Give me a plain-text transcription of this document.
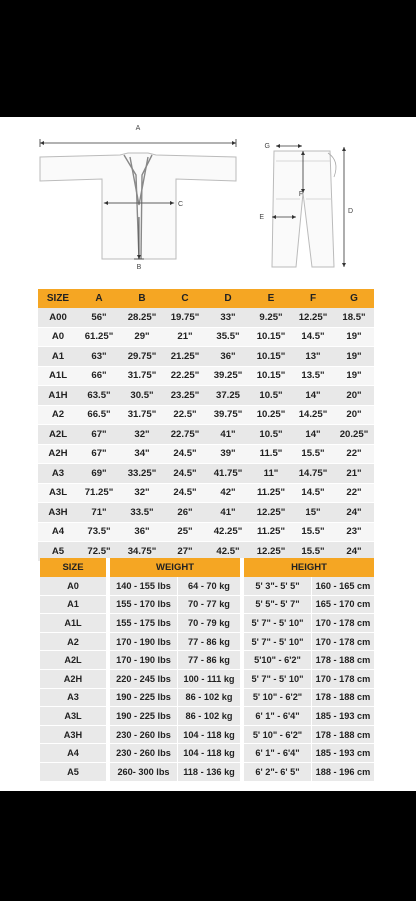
A
C
B
G
F
E
D
SIZE	A	B	C	D	E	F	G
A00	56"	28.25"	19.75"	33"	9.25"	12.25"	18.5"
A0	61.25"	29"	21"	35.5"	10.15"	14.5"	19"
A1	63"	29.75"	21.25"	36"	10.15"	13"	19"
A1L	66"	31.75"	22.25"	39.25"	10.15"	13.5"	19"
A1H	63.5"	30.5"	23.25"	37.25	10.5"	14"	20"
A2	66.5"	31.75"	22.5"	39.75"	10.25"	14.25"	20"
A2L	67"	32"	22.75"	41"	10.5"	14"	20.25"
A2H	67"	34"	24.5"	39"	11.5"	15.5"	22"
A3	69"	33.25"	24.5"	41.75"	11"	14.75"	21"
A3L	71.25"	32"	24.5"	42"	11.25"	14.5"	22"
A3H	71"	33.5"	26"	41"	12.25"	15"	24"
A4	73.5"	36"	25"	42.25"	11.25"	15.5"	23"
A5	72.5"	34.75"	27"	42.5"	12.25"	15.5"	24"
SIZE		WEIGHT			HEIGHT	
A0		140 - 155 lbs	64 - 70 kg		5' 3"- 5' 5"	160 - 165 cm
A1		155 - 170 lbs	70 - 77 kg		5' 5"- 5' 7"	165 - 170 cm
A1L		155 - 175 lbs	70 - 79 kg		5' 7" - 5' 10"	170 - 178 cm
A2		170 - 190 lbs	77 - 86 kg		5' 7" - 5' 10"	170 - 178 cm
A2L		170 - 190 lbs	77 - 86 kg		5'10" - 6'2"	178 - 188 cm
A2H		220 - 245 lbs	100 - 111 kg		5' 7" - 5' 10"	170 - 178 cm
A3		190 - 225 lbs	86 - 102 kg		5' 10" - 6'2"	178 - 188 cm
A3L		190 - 225 lbs	86 - 102 kg		6' 1" - 6'4"	185 - 193 cm
A3H		230 - 260 lbs	104 - 118 kg		5' 10" - 6'2"	178 - 188 cm
A4		230 - 260 lbs	104 - 118 kg		6' 1" - 6'4"	185 - 193 cm
A5		260- 300 lbs	118 - 136 kg		6' 2"- 6' 5"	188 - 196 cm
